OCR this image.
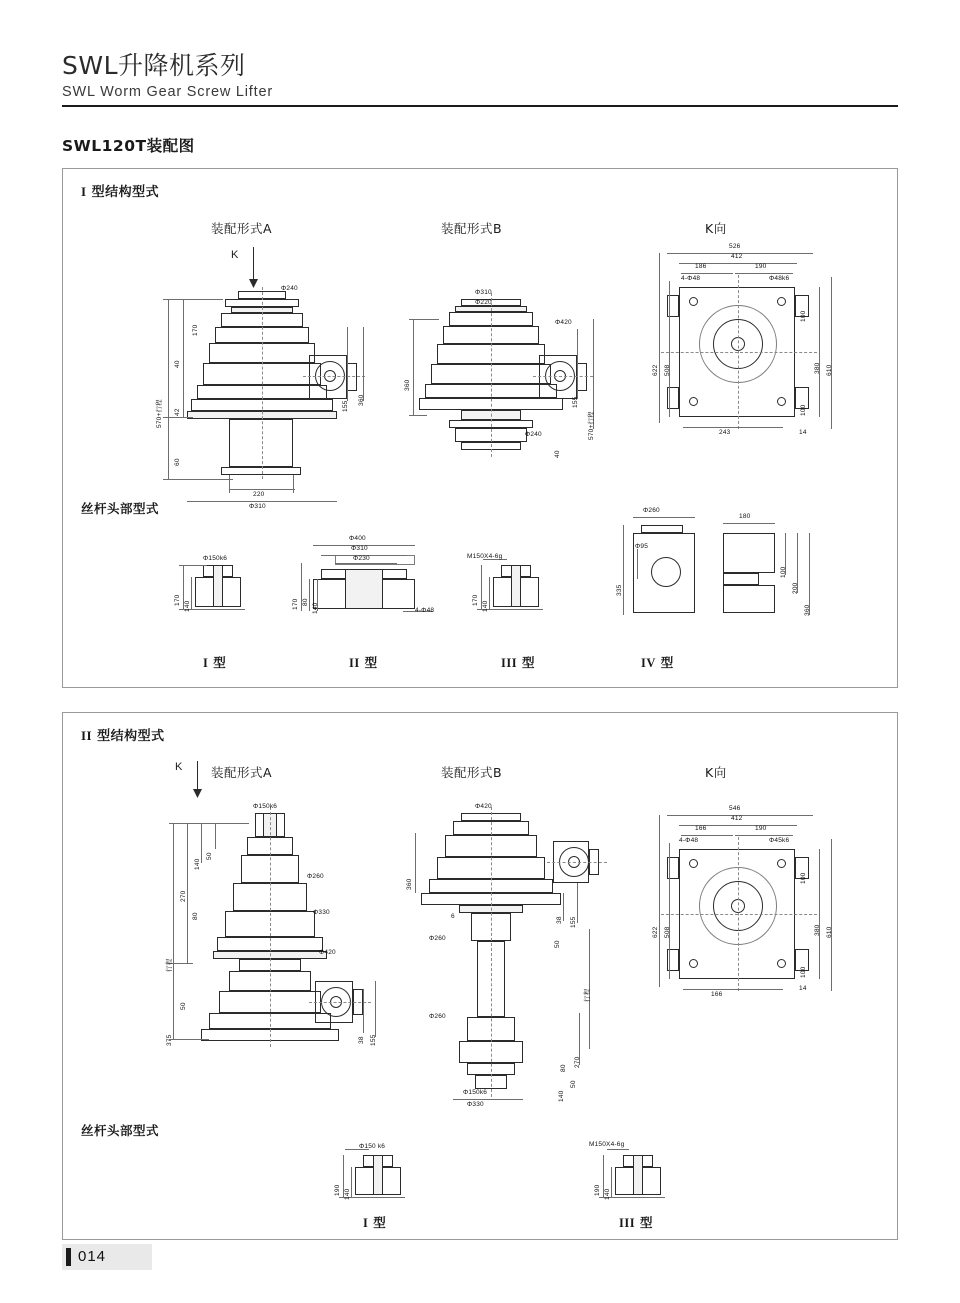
SWL升降机系列
SWL Worm Gear Screw Lifter
SWL120T装配图
I 型结构型式
装配形式A	装配形式B	K向
K
Φ240
170
40
42
60
570+行程	360
155
220
Φ310
Φ310
Φ220
Φ420
360
155
570+行程
Φ240
40
526
412
186	190
4-Φ48	Φ48k6
622 508	380 610
100
100
243	14
丝杆头部型式
Φ150k6
170
140
Φ400
Φ310
Φ230
170 80
140	4-Φ48
M150X4-6g
170
140
Φ260
Φ95
335
180
100
200
360
I 型	II 型	III 型	IV 型
II 型结构型式
装配形式A	装配形式B	K向
K
Φ150k6
50
140
270
80
行程
50
375
Φ260
Φ330
Φ420
38 155
Φ420
360
38 155
6
50
Φ260
行程
Φ260
270
80
50
140
Φ150k6
Φ330
546
412
166	190
4-Φ48	Φ45k6
622 508	380 610
100
100
166
14
丝杆头部型式
Φ150 k6
190 140
M150X4-6g
190 140
I 型	III 型
014
